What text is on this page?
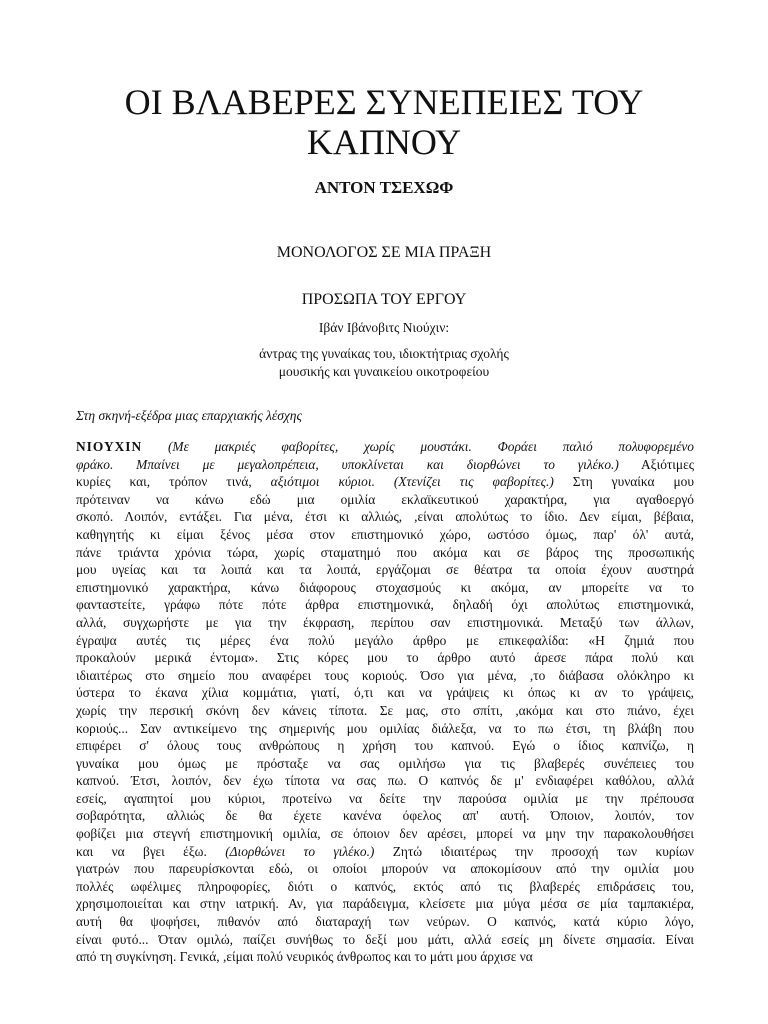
ΟΙ ΒΛΑΒΕΡΕΣ ΣΥΝΕΠΕΙΕΣ ΤΟΥ
ΚΑΠΝΟΥ
ΑΝΤΟΝ ΤΣΕΧΩΦ
ΜΟΝΟΛΟΓΟΣ ΣΕ ΜΙΑ ΠΡΑΞΗ
ΠΡΟΣΩΠΑ ΤΟΥ ΕΡΓΟΥ
Ιβάν Ιβάνοβιτς Νιούχιν:
άντρας της γυναίκας του, ιδιοκτήτριας σχολής
μουσικής και γυναικείου οικοτροφείου
Στη σκηνή-εξέδρα μιας επαρχιακής λέσχης
ΝΙΟΥΧΙΝ (Με μακριές φαβορίτες, χωρίς μουστάκι. Φοράει παλιό πολυφορεμένο
φράκο. Μπαίνει με μεγαλοπρέπεια, υποκλίνεται και διορθώνει το γιλέκο.) Αξιότιμες
κυρίες και, τρόπον τινά, αξιότιμοι κύριοι. (Χτενίζει τις φαβορίτες.) Στη γυναίκα μου
πρότειναν να κάνω εδώ μια ομιλία εκλαϊκευτικού χαρακτήρα, για αγαθοεργό
σκοπό. Λοιπόν, εντάξει. Για μένα, έτσι κι αλλιώς, ,είναι απολύτως το ίδιο. Δεν είμαι, βέβαια,
καθηγητής κι είμαι ξένος μέσα στον επιστημονικό χώρο, ωστόσο όμως, παρ' όλ' αυτά,
πάνε τριάντα χρόνια τώρα, χωρίς σταματημό που ακόμα και σε βάρος της προσωπικής
μου υγείας και τα λοιπά και τα λοιπά, εργάζομαι σε θέατρα τα οποία έχουν αυστηρά
επιστημονικό χαρακτήρα, κάνω διάφορους στοχασμούς κι ακόμα, αν μπορείτε να το
φανταστείτε, γράφω πότε πότε άρθρα επιστημονικά, δηλαδή όχι απολύτως επιστημονικά,
αλλά, συγχωρήστε με για την έκφραση, περίπου σαν επιστημονικά. Μεταξύ των άλλων,
έγραψα αυτές τις μέρες ένα πολύ μεγάλο άρθρο με επικεφαλίδα: «Η ζημιά που
προκαλούν μερικά έντομα». Στις κόρες μου το άρθρο αυτό άρεσε πάρα πολύ και
ιδιαιτέρως στο σημείο που αναφέρει τους κοριούς. Όσο για μένα, ,το διάβασα ολόκληρο κι
ύστερα το έκανα χίλια κομμάτια, γιατί, ό,τι και να γράψεις κι όπως κι αν το γράψεις,
χωρίς την περσική σκόνη δεν κάνεις τίποτα. Σε μας, στο σπίτι, ,ακόμα και στο πιάνο, έχει
κοριούς... Σαν αντικείμενο της σημερινής μου ομιλίας διάλεξα, να το πω έτσι, τη βλάβη που
επιφέρει σ' όλους τους ανθρώπους η χρήση του καπνού. Εγώ ο ίδιος καπνίζω, η
γυναίκα μου όμως με πρόσταξε να σας ομιλήσω για τις βλαβερές συνέπειες του
καπνού. Έτσι, λοιπόν, δεν έχω τίποτα να σας πω. Ο καπνός δε μ' ενδιαφέρει καθόλου, αλλά
εσείς, αγαπητοί μου κύριοι, προτείνω να δείτε την παρούσα ομιλία με την πρέπουσα
σοβαρότητα, αλλιώς δε θα έχετε κανένα όφελος απ' αυτή. Όποιον, λοιπόν, τον
φοβίζει μια στεγνή επιστημονική ομιλία, σε όποιον δεν αρέσει, μπορεί να μην την παρακολουθήσει
και να βγει έξω. (Διορθώνει το γιλέκο.) Ζητώ ιδιαιτέρως την προσοχή των κυρίων
γιατρών που παρευρίσκονται εδώ, οι οποίοι μπορούν να αποκομίσουν από την ομιλία μου
πολλές ωφέλιμες πληροφορίες, διότι ο καπνός, εκτός από τις βλαβερές επιδράσεις του,
χρησιμοποιείται και στην ιατρική. Αν, για παράδειγμα, κλείσετε μια μύγα μέσα σε μία ταμπακιέρα,
αυτή θα ψοφήσει, πιθανόν από διαταραχή των νεύρων. Ο καπνός, κατά κύριο λόγο,
είναι φυτό... Όταν ομιλώ, παίζει συνήθως το δεξί μου μάτι, αλλά εσείς μη δίνετε σημασία. Είναι
από τη συγκίνηση. Γενικά, ,είμαι πολύ νευρικός άνθρωπος και το μάτι μου άρχισε να
